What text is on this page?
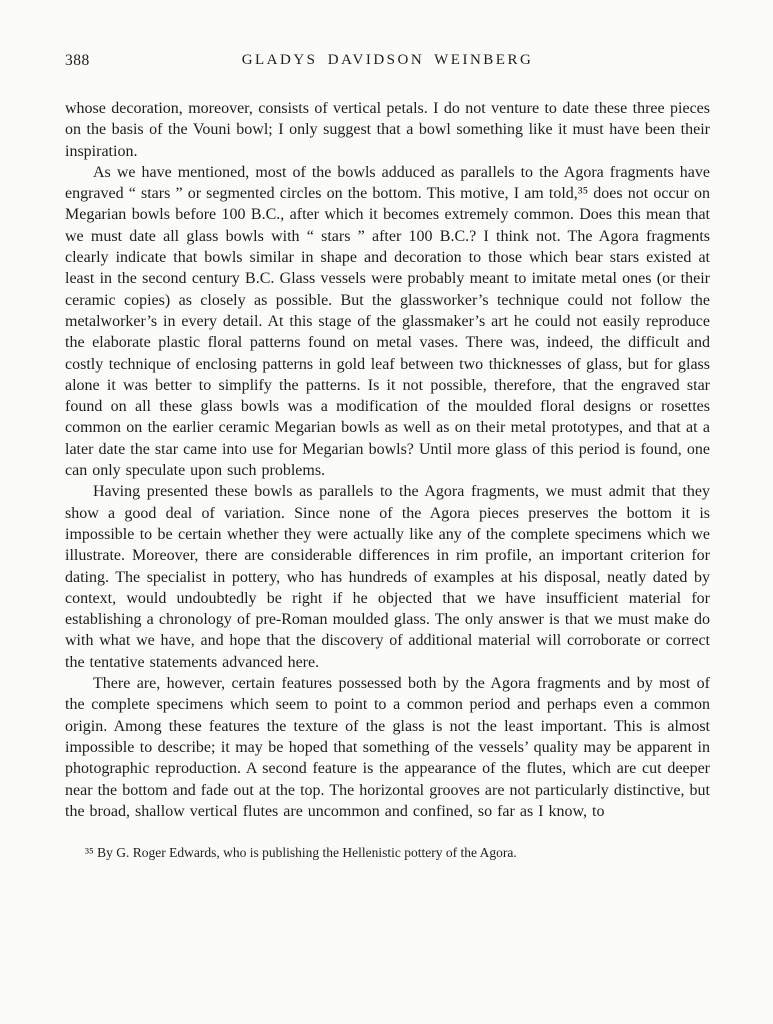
388	GLADYS DAVIDSON WEINBERG

whose decoration, moreover, consists of vertical petals. I do not venture to date these three pieces on the basis of the Vouni bowl; I only suggest that a bowl something like it must have been their inspiration.

As we have mentioned, most of the bowls adduced as parallels to the Agora fragments have engraved “ stars ” or segmented circles on the bottom. This motive, I am told,³⁵ does not occur on Megarian bowls before 100 B.C., after which it becomes extremely common. Does this mean that we must date all glass bowls with “ stars ” after 100 B.C.? I think not. The Agora fragments clearly indicate that bowls similar in shape and decoration to those which bear stars existed at least in the second century B.C. Glass vessels were probably meant to imitate metal ones (or their ceramic copies) as closely as possible. But the glassworker’s technique could not follow the metalworker’s in every detail. At this stage of the glassmaker’s art he could not easily reproduce the elaborate plastic floral patterns found on metal vases. There was, indeed, the difficult and costly technique of enclosing patterns in gold leaf between two thicknesses of glass, but for glass alone it was better to simplify the patterns. Is it not possible, therefore, that the engraved star found on all these glass bowls was a modification of the moulded floral designs or rosettes common on the earlier ceramic Megarian bowls as well as on their metal prototypes, and that at a later date the star came into use for Megarian bowls? Until more glass of this period is found, one can only speculate upon such problems.

Having presented these bowls as parallels to the Agora fragments, we must admit that they show a good deal of variation. Since none of the Agora pieces preserves the bottom it is impossible to be certain whether they were actually like any of the complete specimens which we illustrate. Moreover, there are considerable differences in rim profile, an important criterion for dating. The specialist in pottery, who has hundreds of examples at his disposal, neatly dated by context, would undoubtedly be right if he objected that we have insufficient material for establishing a chronology of pre-Roman moulded glass. The only answer is that we must make do with what we have, and hope that the discovery of additional material will corroborate or correct the tentative statements advanced here.

There are, however, certain features possessed both by the Agora fragments and by most of the complete specimens which seem to point to a common period and perhaps even a common origin. Among these features the texture of the glass is not the least important. This is almost impossible to describe; it may be hoped that something of the vessels’ quality may be apparent in photographic reproduction. A second feature is the appearance of the flutes, which are cut deeper near the bottom and fade out at the top. The horizontal grooves are not particularly distinctive, but the broad, shallow vertical flutes are uncommon and confined, so far as I know, to

³⁵ By G. Roger Edwards, who is publishing the Hellenistic pottery of the Agora.
